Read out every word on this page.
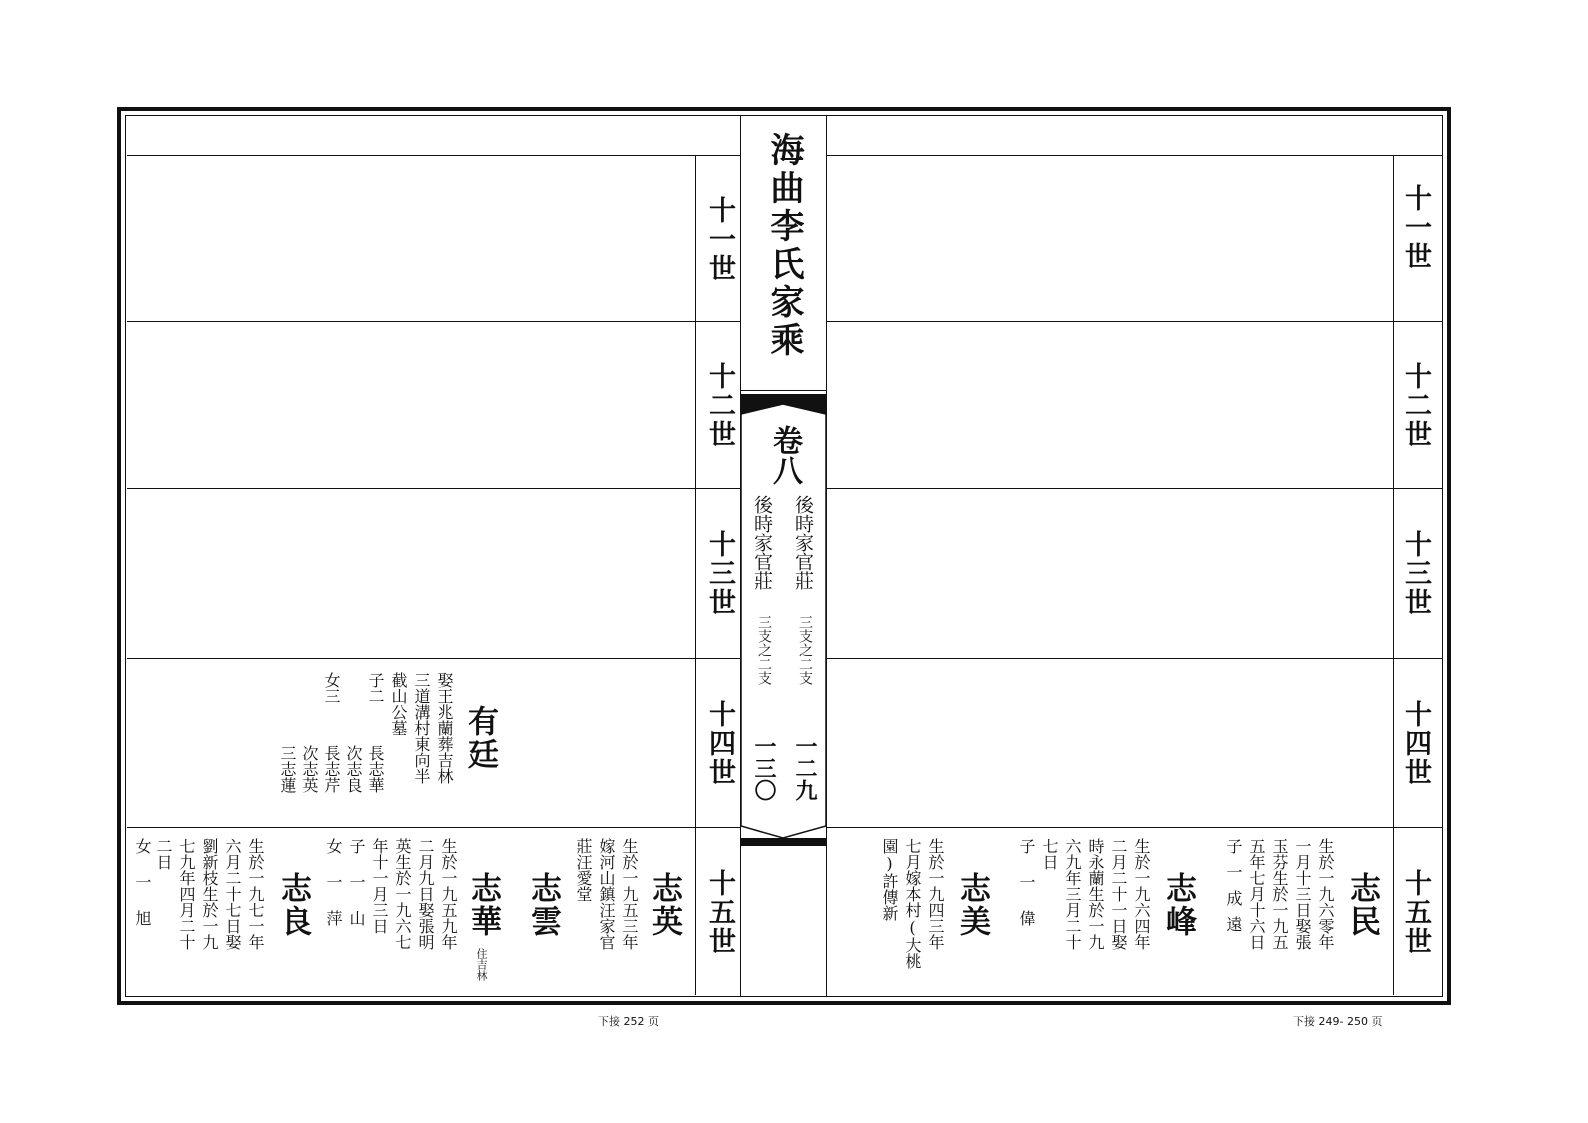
十一世
十二世
十三世
十四世
十五世
十一世
十二世
十三世
十四世
十五世
海曲李氏家乘
卷八
後時家官莊
後時家官莊
三支之二支
三支之二支
一二九
一三〇
有廷
娶王兆蘭葬吉林
三道溝村東向半
截山公墓
子二
女三
長志華
次志良
長志芹
次志英
三志蓮
志英
生於一九五三年
嫁河山鎮汪家官
莊汪愛堂
志雲
志華
住吉林
生於一九五九年
二月九日娶張明
英生於一九六七
年十一月三日
子一山
女一萍
志良
生於一九七一年
六月二十七日娶
劉新枝生於一九
七九年四月二十
二日
女一旭	志民
生於一九六零年
一月十三日娶張
玉芬生於一九五
五年七月十六日
子一成遠
志峰
生於一九六四年
二月二十一日娶
時永蘭生於一九
六九年三月二十
七日
子一偉
志美
生於一九四三年
七月嫁本村(大桃
園)許傳新
下接 252 页	下接 249- 250 页
